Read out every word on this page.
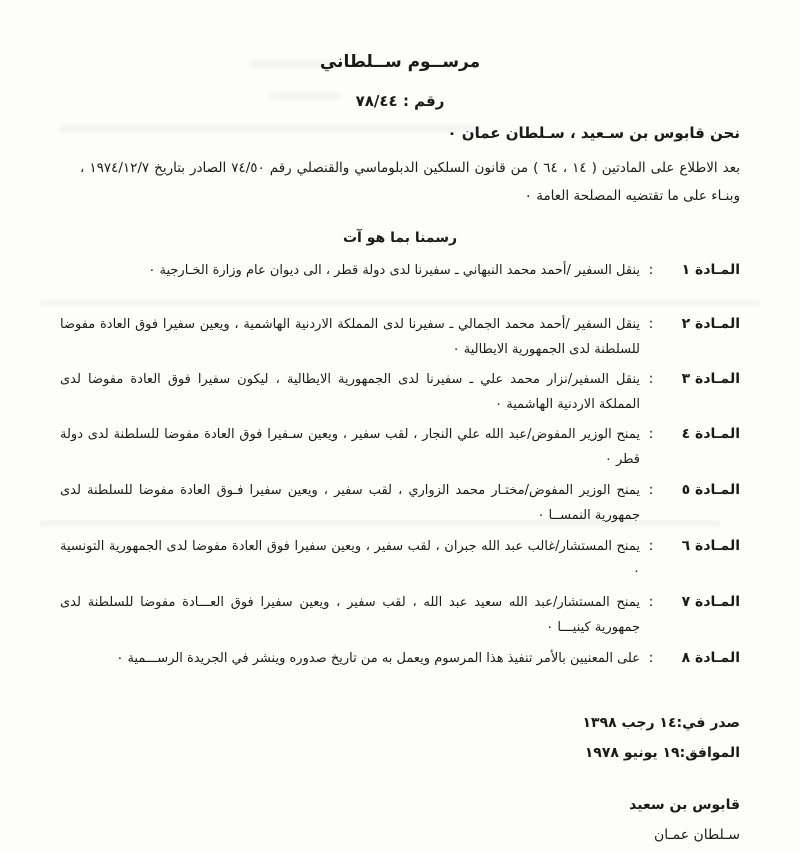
مرســوم ســلطاني
رقم : ٧٨/٤٤
نحن قابوس بن سـعيد ، سـلطان عمان ٠
بعد الاطلاع على المادتين ( ١٤ ، ٦٤ ) من قانون السلكين الدبلوماسي والقنصلي رقم ٧٤/٥٠ الصادر بتاريخ ١٩٧٤/١٢/٧ ، وبنـاء على ما تقتضيه المصلحة العامة ٠
رسمنا بما هو آت
المـادة ١
:
ينقل السفير /أحمد محمد النبهاني ـ سفيرنا لدى دولة قطر ، الى ديوان عام وزارة الخـارجية ٠
المـادة ٢
:
ينقل السفير /أحمد محمد الجمالي ـ سفيرنا لدى المملكة الاردنية الهاشمية ، ويعين سفيرا فوق العادة مفوضا للسلطنة لدى الجمهورية الايطالية ٠
المـادة ٣
:
ينقل السفير/نزار محمد علي ـ سفيرنا لدى الجمهورية الايطالية ، ليكون سفيرا فوق العادة مفوضا لدى المملكة الاردنية الهاشمية ٠
المـادة ٤
:
يمنح الوزير المفوض/عبد الله علي النجار ، لقب سفير ، ويعين سـفيرا فوق العادة مفوضا للسلطنة لدى دولة قطر ٠
المـادة ٥
:
يمنح الوزير المفوض/مختـار محمد الزواري ، لقب سفير ، ويعين سفيرا فـوق العادة مفوضا للسلطنة لدى جمهورية النمســا ٠
المـادة ٦
:
يمنح المستشار/غالب عبد الله جبران ، لقب سفير ، ويعين سفيرا فوق العادة مفوضا لدى الجمهورية التونسية ٠
المـادة ٧
:
يمنح المستشار/عبد الله سعيد عبد الله ، لقب سفير ، ويعين سفيرا فوق العـــادة مفوضا للسلطنة لدى جمهورية كينيـــا ٠
المـادة ٨
:
على المعنيين بالأمر تنفيذ هذا المرسوم ويعمل به من تاريخ صدوره وينشر في الجريدة الرســـمية ٠
صدر في:١٤ رجب ١٣٩٨
الموافق:١٩ يونيو ١٩٧٨
قابوس بن سعيد
سـلطان عمـان
